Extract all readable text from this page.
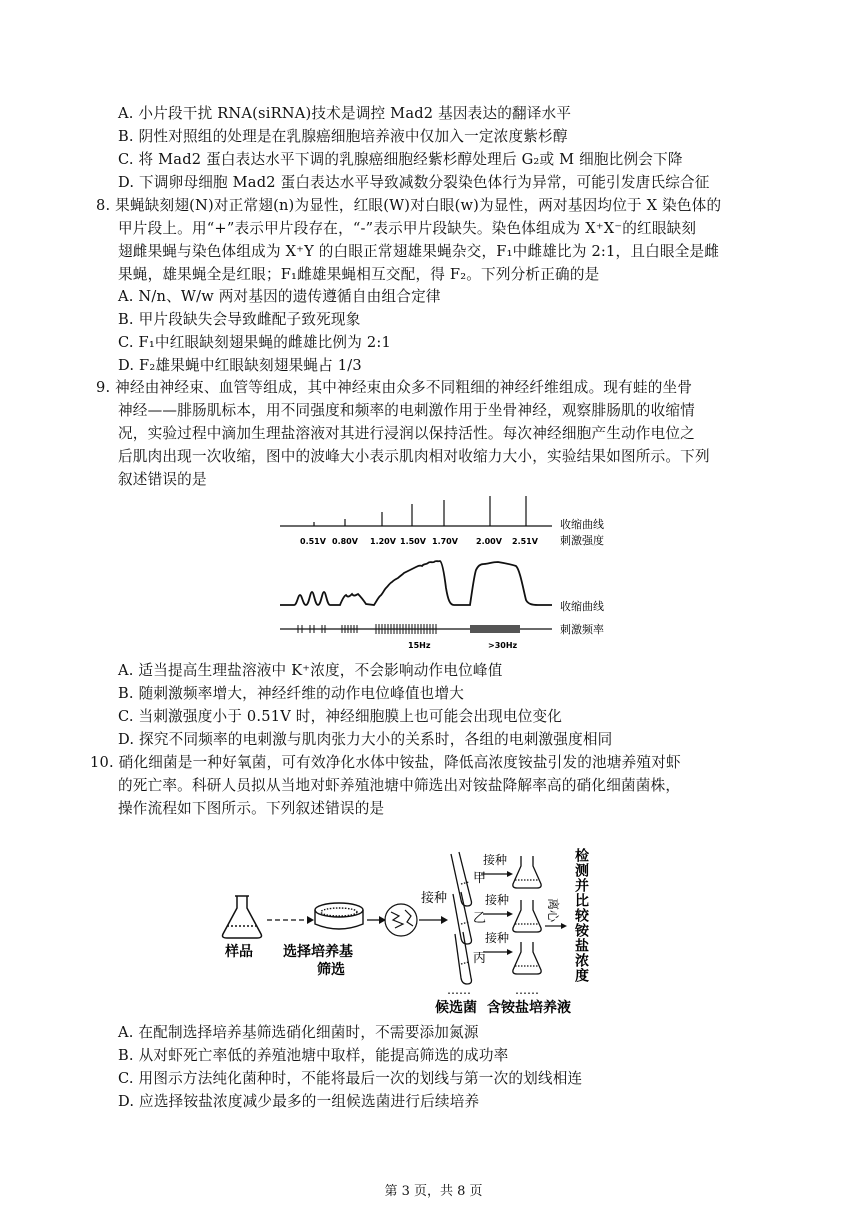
A. 小片段干扰 RNA(siRNA)技术是调控 Mad2 基因表达的翻译水平
B. 阴性对照组的处理是在乳腺癌细胞培养液中仅加入一定浓度紫杉醇
C. 将 Mad2 蛋白表达水平下调的乳腺癌细胞经紫杉醇处理后 G₂或 M 细胞比例会下降
D. 下调卵母细胞 Mad2 蛋白表达水平导致减数分裂染色体行为异常，可能引发唐氏综合征
8. 果蝇缺刻翅(N)对正常翅(n)为显性，红眼(W)对白眼(w)为显性，两对基因均位于 X 染色体的
甲片段上。用“+”表示甲片段存在，“-”表示甲片段缺失。染色体组成为 X⁺X⁻的红眼缺刻
翅雌果蝇与染色体组成为 X⁺Y 的白眼正常翅雄果蝇杂交，F₁中雌雄比为 2:1，且白眼全是雌
果蝇，雄果蝇全是红眼；F₁雌雄果蝇相互交配，得 F₂。下列分析正确的是
A. N/n、W/w 两对基因的遗传遵循自由组合定律
B. 甲片段缺失会导致雌配子致死现象
C. F₁中红眼缺刻翅果蝇的雌雄比例为 2:1
D. F₂雄果蝇中红眼缺刻翅果蝇占 1/3
9. 神经由神经束、血管等组成，其中神经束由众多不同粗细的神经纤维组成。现有蛙的坐骨
神经——腓肠肌标本，用不同强度和频率的电刺激作用于坐骨神经，观察腓肠肌的收缩情
况，实验过程中滴加生理盐溶液对其进行浸润以保持活性。每次神经细胞产生动作电位之
后肌肉出现一次收缩，图中的波峰大小表示肌肉相对收缩力大小，实验结果如图所示。下列
叙述错误的是
收缩曲线
刺激强度
0.51V 0.80V 1.20V 1.50V 1.70V 2.00V 2.51V
收缩曲线
刺激频率
15Hz	>30Hz
A. 适当提高生理盐溶液中 K⁺浓度，不会影响动作电位峰值
B. 随刺激频率增大，神经纤维的动作电位峰值也增大
C. 当刺激强度小于 0.51V 时，神经细胞膜上也可能会出现电位变化
D. 探究不同频率的电刺激与肌肉张力大小的关系时，各组的电刺激强度相同
10. 硝化细菌是一种好氧菌，可有效净化水体中铵盐，降低高浓度铵盐引发的池塘养殖对虾
的死亡率。科研人员拟从当地对虾养殖池塘中筛选出对铵盐降解率高的硝化细菌菌株，
操作流程如下图所示。下列叙述错误的是
样品 选择培养基
筛选
接种
甲
乙
丙
……
候选菌
接种
接种
接种
……
含铵盐培养液
离心 检测并比较铵盐浓度
A. 在配制选择培养基筛选硝化细菌时，不需要添加氮源
B. 从对虾死亡率低的养殖池塘中取样，能提高筛选的成功率
C. 用图示方法纯化菌种时，不能将最后一次的划线与第一次的划线相连
D. 应选择铵盐浓度减少最多的一组候选菌进行后续培养
第 3 页，共 8 页
